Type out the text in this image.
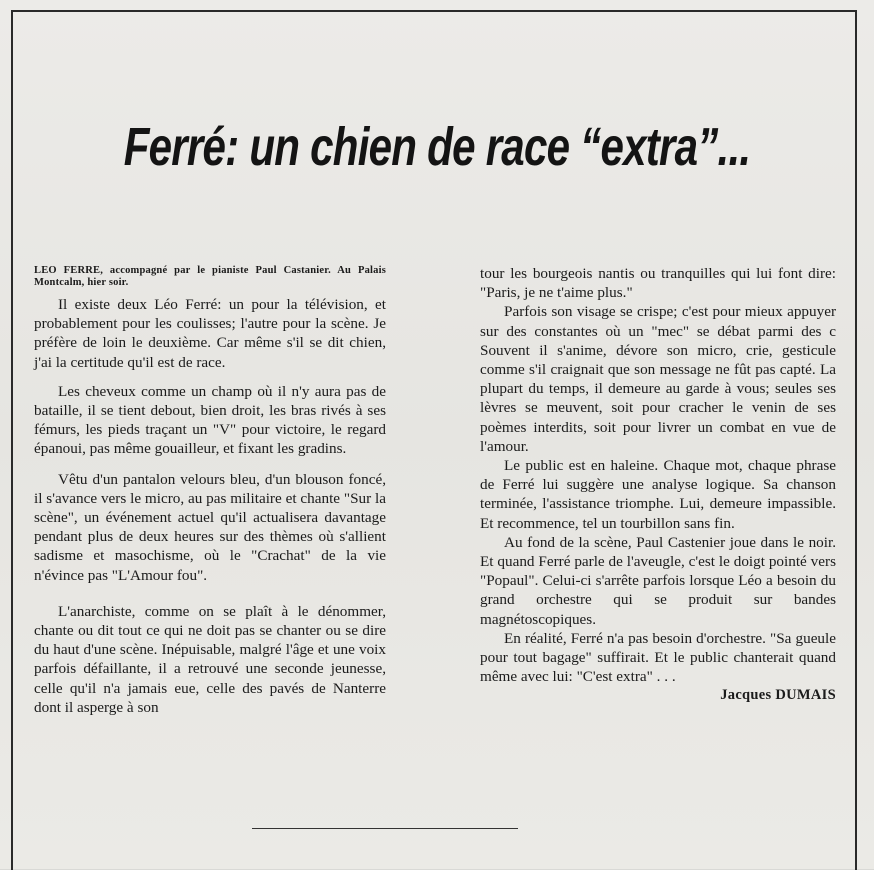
Ferré: un chien de race “extra”...
LEO FERRE, accompagné par le pianiste Paul Castanier. Au Palais Montcalm, hier soir.

Il existe deux Léo Ferré: un pour la télévision, et probablement pour les coulisses; l'autre pour la scène. Je préfère de loin le deuxième. Car même s'il se dit chien, j'ai la certitude qu'il est de race.

Les cheveux comme un champ où il n'y aura pas de bataille, il se tient debout, bien droit, les bras rivés à ses fémurs, les pieds traçant un "V" pour victoire, le regard épanoui, pas même gouailleur, et fixant les gradins.

Vêtu d'un pantalon velours bleu, d'un blouson foncé, il s'avance vers le micro, au pas militaire et chante "Sur la scène", un événement actuel qu'il actualisera davantage pendant plus de deux heures sur des thèmes où s'allient sadisme et masochisme, où le "Crachat" de la vie n'évince pas "L'Amour fou".

L'anarchiste, comme on se plaît à le dénommer, chante ou dit tout ce qui ne doit pas se chanter ou se dire du haut d'une scène. Inépuisable, malgré l'âge et une voix parfois défaillante, il a retrouvé une seconde jeunesse, celle qu'il n'a jamais eue, celle des pavés de Nanterre dont il asperge à son

tour les bourgeois nantis ou tranquilles qui lui font dire: "Paris, je ne t'aime plus."

Parfois son visage se crispe; c'est pour mieux appuyer sur des constantes où un "mec" se débat parmi des c Souvent il s'anime, dévore son micro, crie, gesticule comme s'il craignait que son message ne fût pas capté. La plupart du temps, il demeure au garde à vous; seules ses lèvres se meuvent, soit pour cracher le venin de ses poèmes interdits, soit pour livrer un combat en vue de l'amour.

Le public est en haleine. Chaque mot, chaque phrase de Ferré lui suggère une analyse logique. Sa chanson terminée, l'assistance triomphe. Lui, demeure impassible. Et recommence, tel un tourbillon sans fin.

Au fond de la scène, Paul Castenier joue dans le noir. Et quand Ferré parle de l'aveugle, c'est le doigt pointé vers "Popaul". Celui-ci s'arrête parfois lorsque Léo a besoin du grand orchestre qui se produit sur bandes magnétoscopiques.

En réalité, Ferré n'a pas besoin d'orchestre. "Sa gueule pour tout bagage" suffirait. Et le public chanterait quand même avec lui: "C'est extra" . . .

Jacques DUMAIS
